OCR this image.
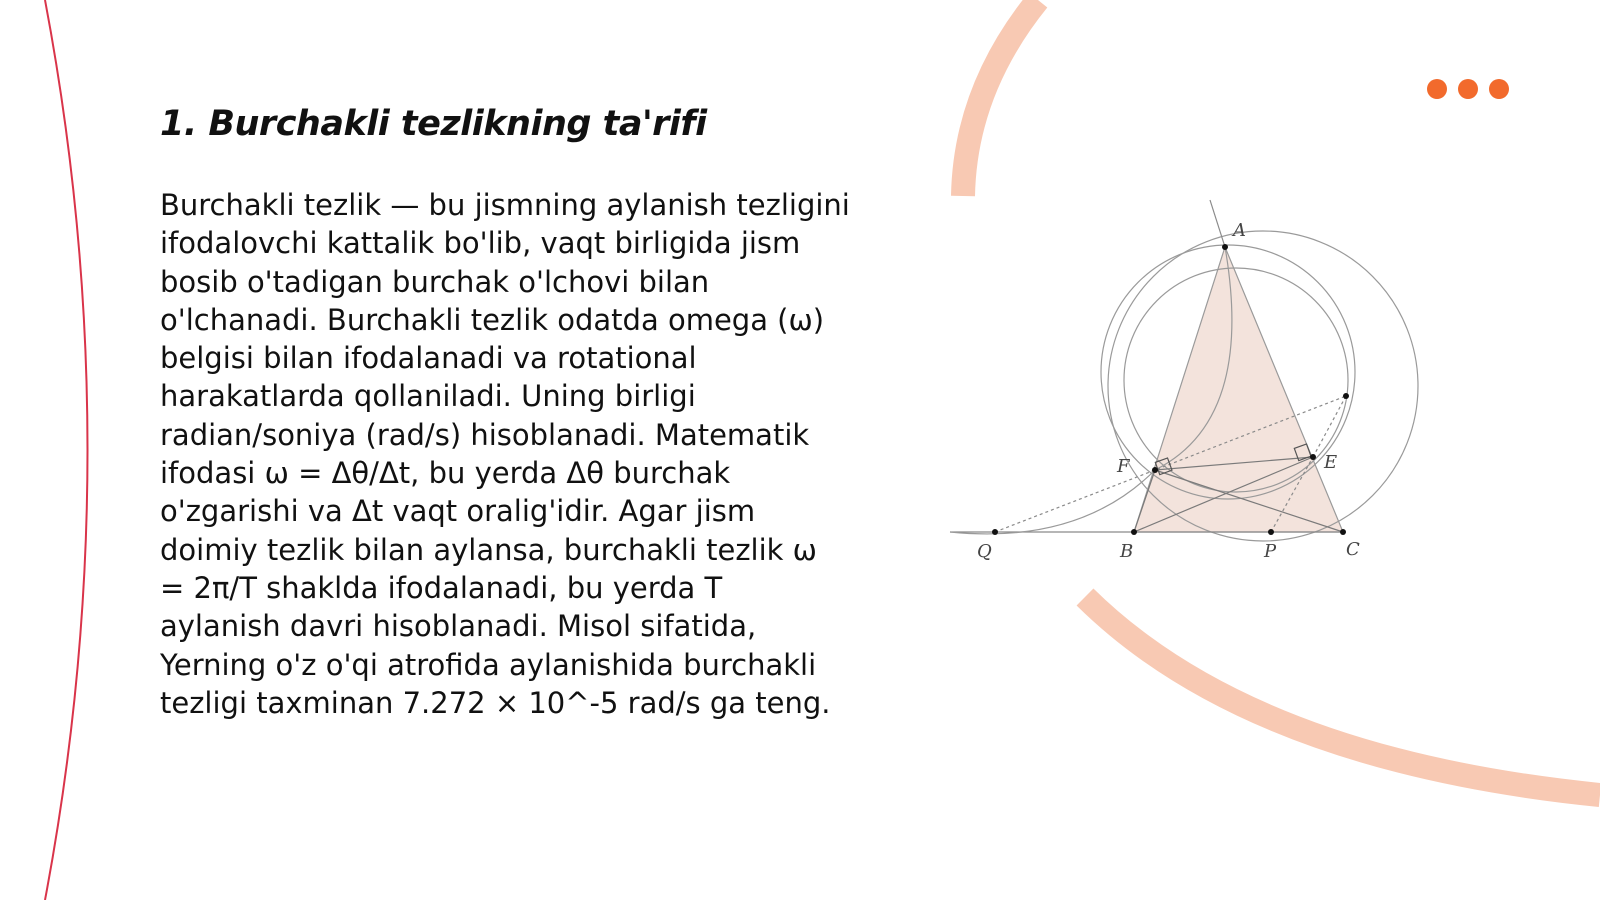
1. Burchakli tezlikning ta'rifi

Burchakli tezlik — bu jismning aylanish tezligini ifodalovchi kattalik bo'lib, vaqt birligida jism bosib o'tadigan burchak o'lchovi bilan o'lchanadi. Burchakli tezlik odatda omega (ω) belgisi bilan ifodalanadi va rotational harakatlarda qollaniladi. Uning birligi radian/soniya (rad/s) hisoblanadi. Matematik ifodasi ω = Δθ/Δt, bu yerda Δθ burchak o'zgarishi va Δt vaqt oralig'idir. Agar jism doimiy tezlik bilan aylansa, burchakli tezlik ω = 2π/T shaklda ifodalanadi, bu yerda T aylanish davri hisoblanadi. Misol sifatida, Yerning o'z o'qi atrofida aylanishida burchakli tezligi taxminan 7.272 × 10^-5 rad/s ga teng.

A
B	C
E
F
P
Q
